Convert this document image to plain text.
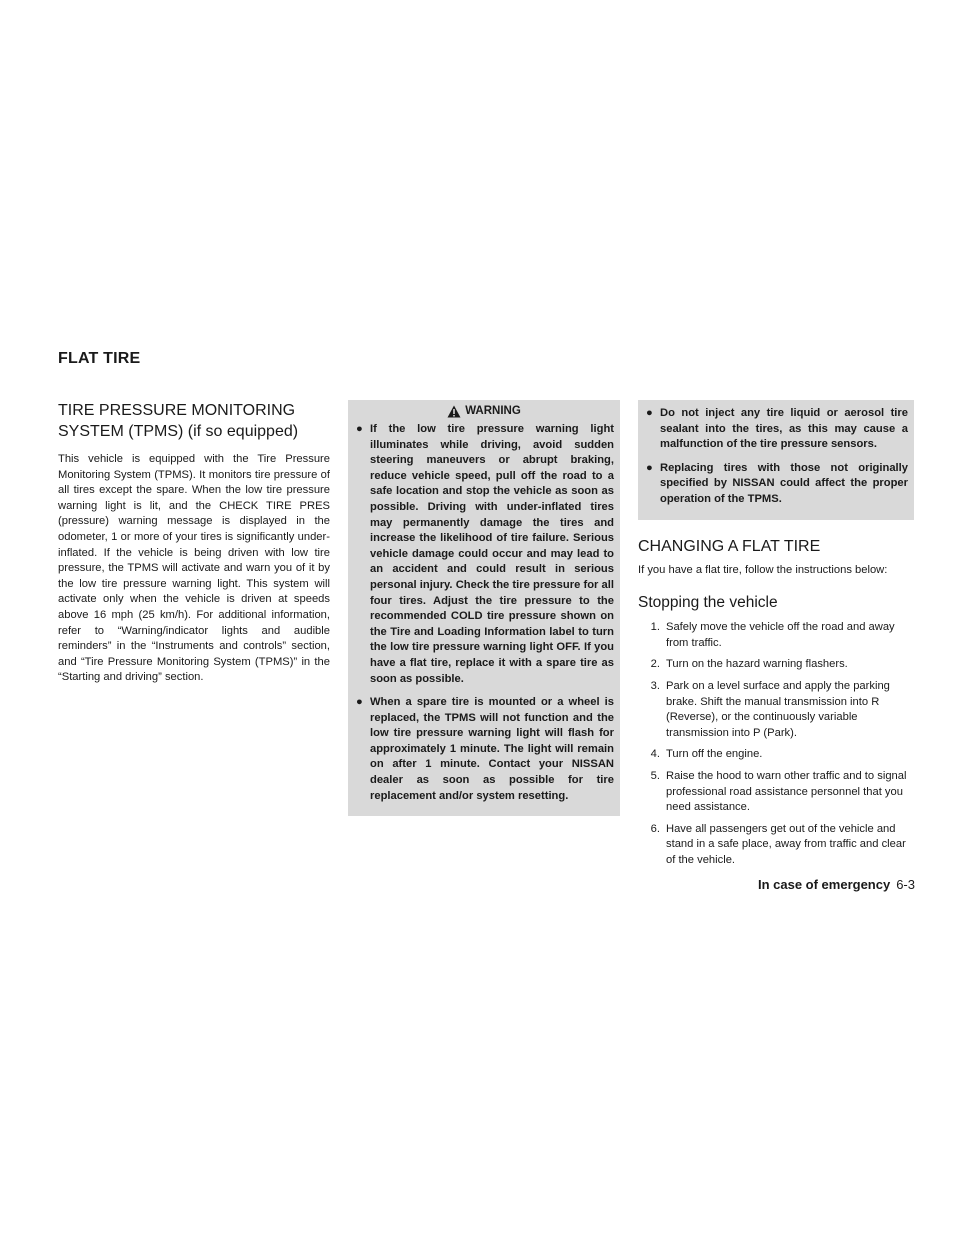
FLAT TIRE
TIRE PRESSURE MONITORING
SYSTEM (TPMS) (if so equipped)

This vehicle is equipped with the Tire Pressure Monitoring System (TPMS). It monitors tire pressure of all tires except the spare. When the low tire pressure warning light is lit, and the CHECK TIRE PRES (pressure) warning message is displayed in the odometer, 1 or more of your tires is significantly under-inflated. If the vehicle is being driven with low tire pressure, the TPMS will activate and warn you of it by the low tire pressure warning light. This system will activate only when the vehicle is driven at speeds above 16 mph (25 km/h). For additional information, refer to “Warning/indicator lights and audible reminders” in the “Instruments and controls” section, and “Tire Pressure Monitoring System (TPMS)” in the “Starting and driving” section.

WARNING
● If the low tire pressure warning light illuminates while driving, avoid sudden steering maneuvers or abrupt braking, reduce vehicle speed, pull off the road to a safe location and stop the vehicle as soon as possible. Driving with under-inflated tires may permanently damage the tires and increase the likelihood of tire failure. Serious vehicle damage could occur and may lead to an accident and could result in serious personal injury. Check the tire pressure for all four tires. Adjust the tire pressure to the recommended COLD tire pressure shown on the Tire and Loading Information label to turn the low tire pressure warning light OFF. If you have a flat tire, replace it with a spare tire as soon as possible.
● When a spare tire is mounted or a wheel is replaced, the TPMS will not function and the low tire pressure warning light will flash for approximately 1 minute. The light will remain on after 1 minute. Contact your NISSAN dealer as soon as possible for tire replacement and/or system resetting.
● Do not inject any tire liquid or aerosol tire sealant into the tires, as this may cause a malfunction of the tire pressure sensors.
● Replacing tires with those not originally specified by NISSAN could affect the proper operation of the TPMS.
CHANGING A FLAT TIRE

If you have a flat tire, follow the instructions below:

Stopping the vehicle
1. Safely move the vehicle off the road and away from traffic.
2. Turn on the hazard warning flashers.
3. Park on a level surface and apply the parking brake. Shift the manual transmission into R (Reverse), or the continuously variable transmission into P (Park).
4. Turn off the engine.
5. Raise the hood to warn other traffic and to signal professional road assistance personnel that you need assistance.
6. Have all passengers get out of the vehicle and stand in a safe place, away from traffic and clear of the vehicle.
In case of emergency 6-3
